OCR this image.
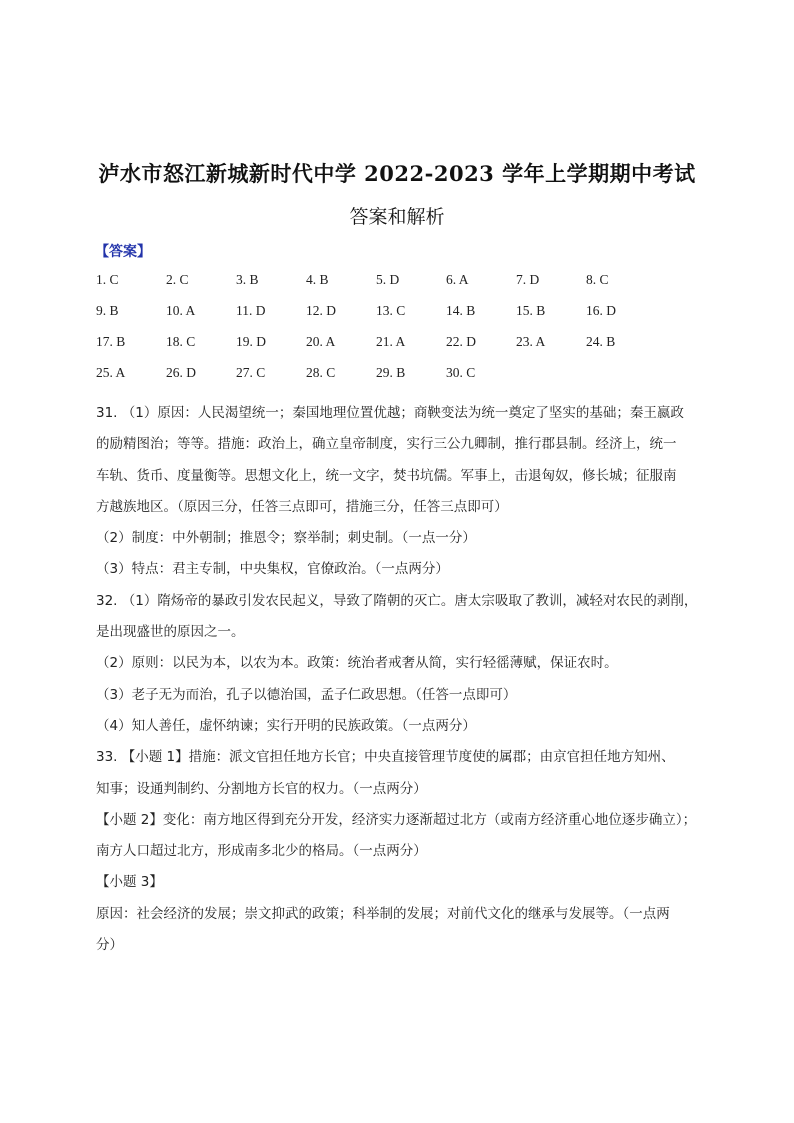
泸水市怒江新城新时代中学 2022-2023 学年上学期期中考试
答案和解析
【答案】
1. C	2. C	3. B	4. B	5. D	6. A	7. D	8. C
9. B	10. A	11. D	12. D	13. C	14. B	15. B	16. D
17. B	18. C	19. D	20. A	21. A	22. D	23. A	24. B
25. A	26. D	27. C	28. C	29. B	30. C
31. （1）原因：人民渴望统一；秦国地理位置优越；商鞅变法为统一奠定了坚实的基础；秦王嬴政
的励精图治；等等。措施：政治上，确立皇帝制度，实行三公九卿制，推行郡县制。经济上，统一
车轨、货币、度量衡等。思想文化上，统一文字，焚书坑儒。军事上，击退匈奴，修长城；征服南
方越族地区。（原因三分，任答三点即可，措施三分，任答三点即可）
（2）制度：中外朝制；推恩令；察举制；刺史制。（一点一分）
（3）特点：君主专制，中央集权，官僚政治。（一点两分）
32. （1）隋炀帝的暴政引发农民起义，导致了隋朝的灭亡。唐太宗吸取了教训，减轻对农民的剥削，
是出现盛世的原因之一。
（2）原则：以民为本，以农为本。政策：统治者戒奢从简，实行轻徭薄赋，保证农时。
（3）老子无为而治，孔子以德治国，孟子仁政思想。（任答一点即可）
（4）知人善任，虚怀纳谏；实行开明的民族政策。（一点两分）
33. 【小题 1】措施：派文官担任地方长官；中央直接管理节度使的属郡；由京官担任地方知州、
知事；设通判制约、分割地方长官的权力。（一点两分）
【小题 2】变化：南方地区得到充分开发，经济实力逐渐超过北方（或南方经济重心地位逐步确立）；
南方人口超过北方，形成南多北少的格局。（一点两分）
【小题 3】
原因：社会经济的发展；崇文抑武的政策；科举制的发展；对前代文化的继承与发展等。（一点两
分）
